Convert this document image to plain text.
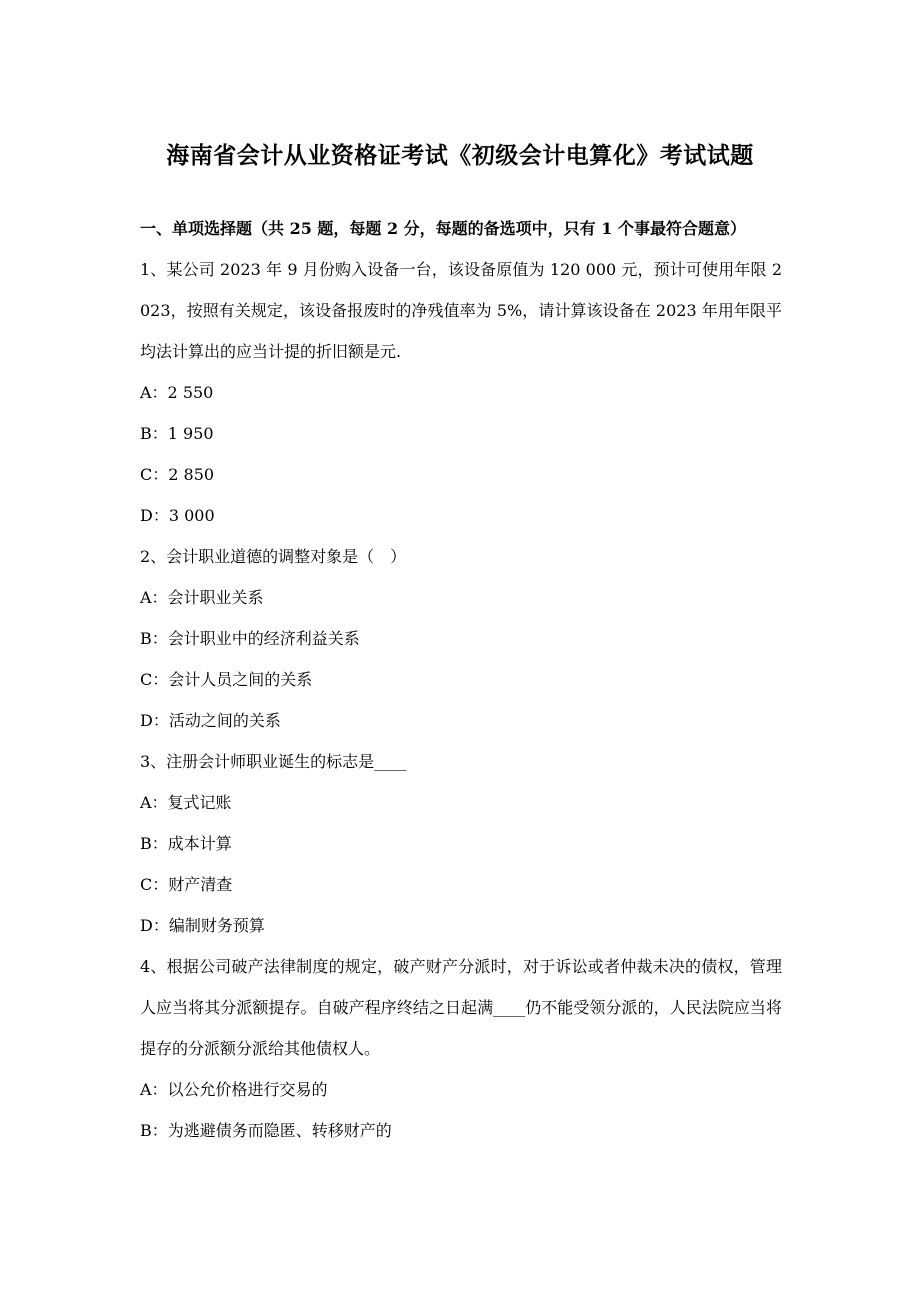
海南省会计从业资格证考试《初级会计电算化》考试试题
一、单项选择题（共 25 题，每题 2 分，每题的备选项中，只有 1 个事最符合题意）
1、某公司 2023 年 9 月份购入设备一台，该设备原值为 120 000 元，预计可使用年限 2023，按照有关规定，该设备报废时的净残值率为 5%，请计算该设备在 2023 年用年限平均法计算出的应当计提的折旧额是元.
A：2 550
B：1 950
C：2 850
D：3 000
2、会计职业道德的调整对象是（　）
A：会计职业关系
B：会计职业中的经济利益关系
C：会计人员之间的关系
D：活动之间的关系
3、注册会计师职业诞生的标志是____
A：复式记账
B：成本计算
C：财产清查
D：编制财务预算
4、根据公司破产法律制度的规定，破产财产分派时，对于诉讼或者仲裁未决的债权，管理人应当将其分派额提存。自破产程序终结之日起满____仍不能受领分派的，人民法院应当将提存的分派额分派给其他债权人。
A：以公允价格进行交易的
B：为逃避债务而隐匿、转移财产的
